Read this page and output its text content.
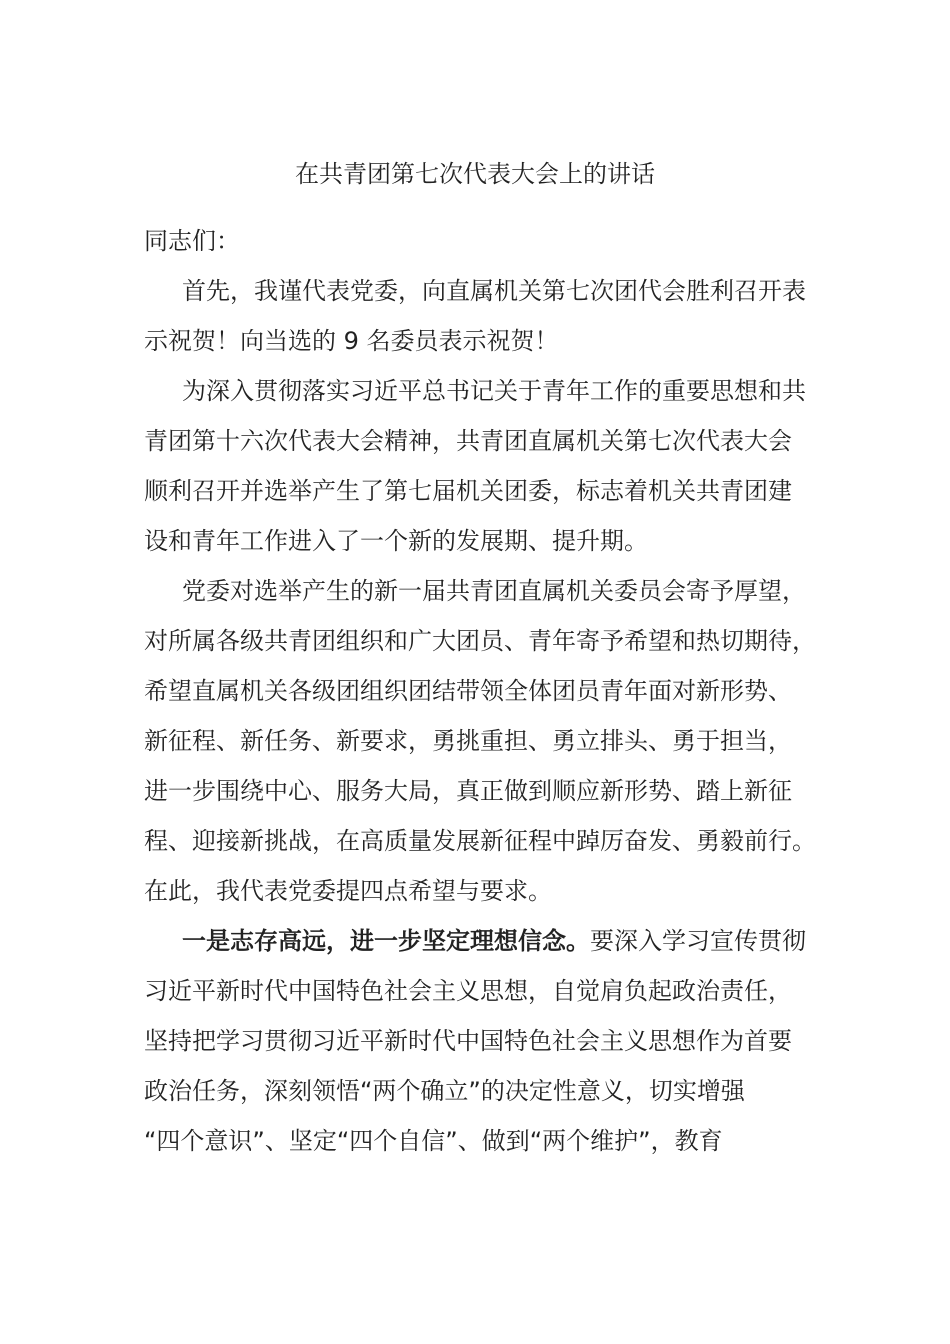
在共青团第七次代表大会上的讲话
同志们：
首先，我谨代表党委，向直属机关第七次团代会胜利召开表
示祝贺！向当选的 9 名委员表示祝贺！
为深入贯彻落实习近平总书记关于青年工作的重要思想和共
青团第十六次代表大会精神，共青团直属机关第七次代表大会
顺利召开并选举产生了第七届机关团委，标志着机关共青团建
设和青年工作进入了一个新的发展期、提升期。
党委对选举产生的新一届共青团直属机关委员会寄予厚望，
对所属各级共青团组织和广大团员、青年寄予希望和热切期待，
希望直属机关各级团组织团结带领全体团员青年面对新形势、
新征程、新任务、新要求，勇挑重担、勇立排头、勇于担当，
进一步围绕中心、服务大局，真正做到顺应新形势、踏上新征
程、迎接新挑战，在高质量发展新征程中踔厉奋发、勇毅前行。
在此，我代表党委提四点希望与要求。
一是志存高远，进一步坚定理想信念。要深入学习宣传贯彻
习近平新时代中国特色社会主义思想，自觉肩负起政治责任，
坚持把学习贯彻习近平新时代中国特色社会主义思想作为首要
政治任务，深刻领悟“两个确立”的决定性意义，切实增强
“四个意识”、坚定“四个自信”、做到“两个维护”，教育
